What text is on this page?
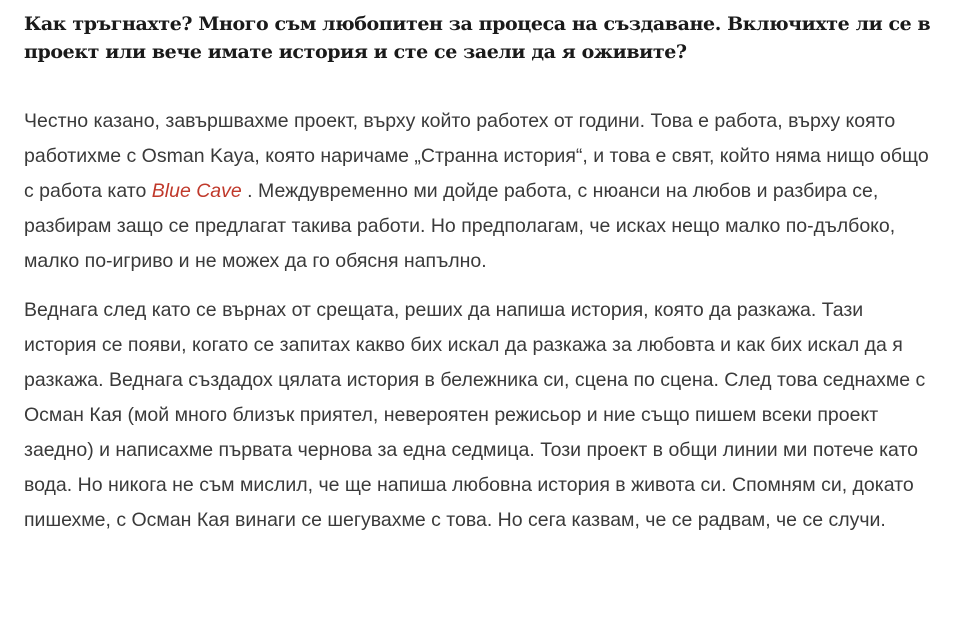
Как тръгнахте? Много съм любопитен за процеса на създаване. Включихте ли се в проект или вече имате история и сте се заели да я оживите?

Честно казано, завършвахме проект, върху който работех от години. Това е работа, върху която работихме с Osman Kaya, която наричаме „Странна история“, и това е свят, който няма нищо общо с работа като Blue Cave . Междувременно ми дойде работа, с нюанси на любов и разбира се, разбирам защо се предлагат такива работи. Но предполагам, че исках нещо малко по-дълбоко, малко по-игриво и не можех да го обясня напълно.

Веднага след като се върнах от срещата, реших да напиша история, която да разкажа. Тази история се появи, когато се запитах какво бих искал да разкажа за любовта и как бих искал да я разкажа. Веднага създадох цялата история в бележника си, сцена по сцена. След това седнахме с Осман Кая (мой много близък приятел, невероятен режисьор и ние също пишем всеки проект заедно) и написахме първата чернова за една седмица. Този проект в общи линии ми потече като вода. Но никога не съм мислил, че ще напиша любовна история в живота си. Спомням си, докато пишехме, с Осман Кая винаги се шегувахме с това. Но сега казвам, че се радвам, че се случи.
